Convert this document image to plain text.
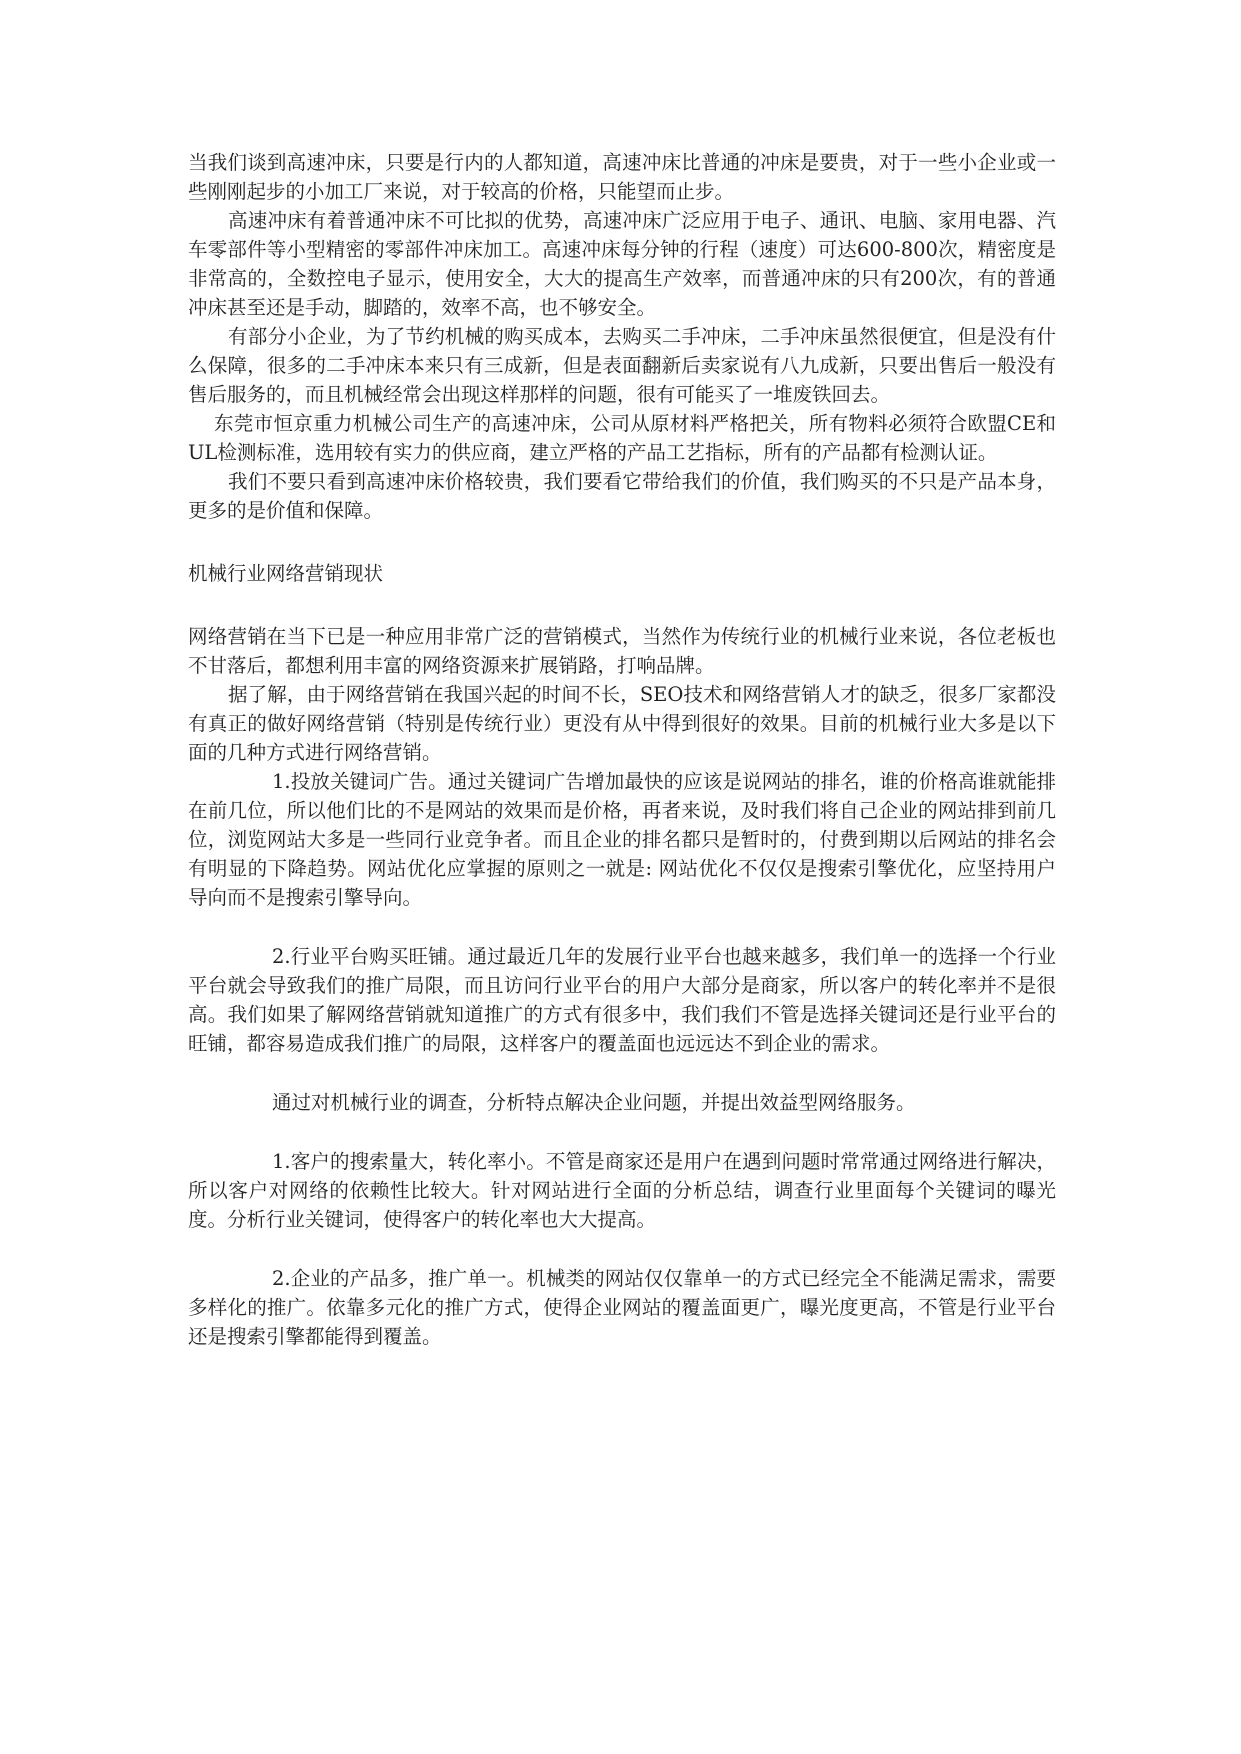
当我们谈到高速冲床，只要是行内的人都知道，高速冲床比普通的冲床是要贵，对于一些小企业或一些刚刚起步的小加工厂来说，对于较高的价格，只能望而止步。

高速冲床有着普通冲床不可比拟的优势，高速冲床广泛应用于电子、通讯、电脑、家用电器、汽车零部件等小型精密的零部件冲床加工。高速冲床每分钟的行程（速度）可达600-800次，精密度是非常高的，全数控电子显示，使用安全，大大的提高生产效率，而普通冲床的只有200次，有的普通冲床甚至还是手动，脚踏的，效率不高，也不够安全。

有部分小企业，为了节约机械的购买成本，去购买二手冲床，二手冲床虽然很便宜，但是没有什么保障，很多的二手冲床本来只有三成新，但是表面翻新后卖家说有八九成新，只要出售后一般没有售后服务的，而且机械经常会出现这样那样的问题，很有可能买了一堆废铁回去。

东莞市恒京重力机械公司生产的高速冲床，公司从原材料严格把关，所有物料必须符合欧盟CE和UL检测标准，选用较有实力的供应商，建立严格的产品工艺指标，所有的产品都有检测认证。

我们不要只看到高速冲床价格较贵，我们要看它带给我们的价值，我们购买的不只是产品本身，更多的是价值和保障。

机械行业网络营销现状

网络营销在当下已是一种应用非常广泛的营销模式，当然作为传统行业的机械行业来说，各位老板也不甘落后，都想利用丰富的网络资源来扩展销路，打响品牌。

据了解，由于网络营销在我国兴起的时间不长，SEO技术和网络营销人才的缺乏，很多厂家都没有真正的做好网络营销（特别是传统行业）更没有从中得到很好的效果。目前的机械行业大多是以下面的几种方式进行网络营销。

1.投放关键词广告。通过关键词广告增加最快的应该是说网站的排名，谁的价格高谁就能排在前几位，所以他们比的不是网站的效果而是价格，再者来说，及时我们将自己企业的网站排到前几位，浏览网站大多是一些同行业竞争者。而且企业的排名都只是暂时的，付费到期以后网站的排名会有明显的下降趋势。网站优化应掌握的原则之一就是: 网站优化不仅仅是搜索引擎优化，应坚持用户导向而不是搜索引擎导向。

2.行业平台购买旺铺。通过最近几年的发展行业平台也越来越多，我们单一的选择一个行业平台就会导致我们的推广局限，而且访问行业平台的用户大部分是商家，所以客户的转化率并不是很高。我们如果了解网络营销就知道推广的方式有很多中，我们我们不管是选择关键词还是行业平台的旺铺，都容易造成我们推广的局限，这样客户的覆盖面也远远达不到企业的需求。

通过对机械行业的调查，分析特点解决企业问题，并提出效益型网络服务。

1.客户的搜索量大，转化率小。不管是商家还是用户在遇到问题时常常通过网络进行解决，所以客户对网络的依赖性比较大。针对网站进行全面的分析总结，调查行业里面每个关键词的曝光度。分析行业关键词，使得客户的转化率也大大提高。

2.企业的产品多，推广单一。机械类的网站仅仅靠单一的方式已经完全不能满足需求，需要多样化的推广。依靠多元化的推广方式，使得企业网站的覆盖面更广，曝光度更高，不管是行业平台还是搜索引擎都能得到覆盖。
